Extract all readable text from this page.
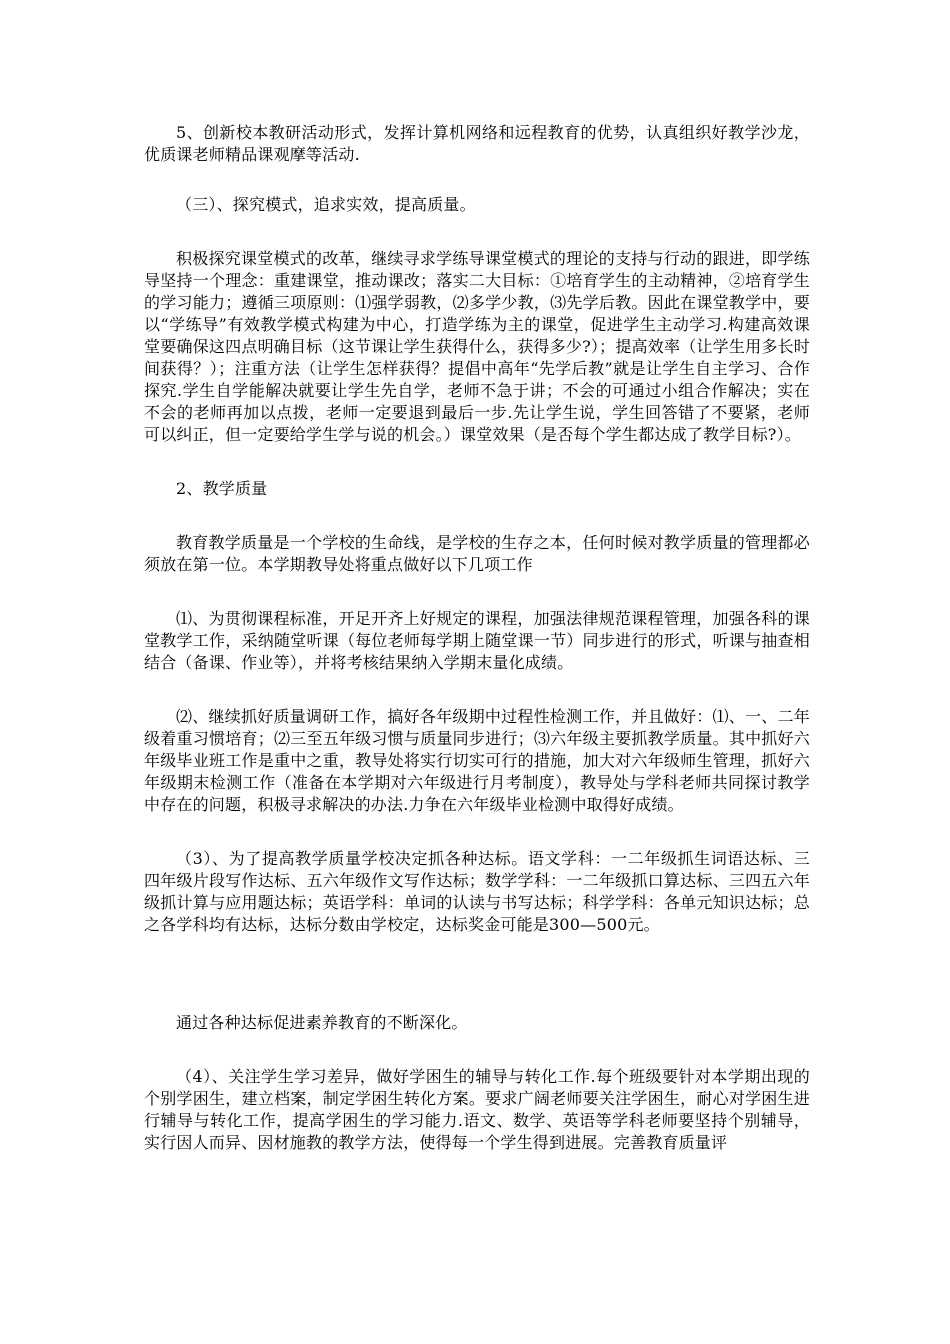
5、创新校本教研活动形式，发挥计算机网络和远程教育的优势，认真组织好教学沙龙，优质课老师精品课观摩等活动.

（三）、探究模式，追求实效，提高质量。

积极探究课堂模式的改革，继续寻求学练导课堂模式的理论的支持与行动的跟进，即学练导坚持一个理念：重建课堂，推动课改；落实二大目标：①培育学生的主动精神，②培育学生的学习能力；遵循三项原则：⑴强学弱教，⑵多学少教，⑶先学后教。因此在课堂教学中，要以“学练导”有效教学模式构建为中心，打造学练为主的课堂，促进学生主动学习.构建高效课堂要确保这四点明确目标（这节课让学生获得什么，获得多少?）；提高效率（让学生用多长时间获得？）；注重方法（让学生怎样获得？提倡中高年“先学后教”就是让学生自主学习、合作探究.学生自学能解决就要让学生先自学，老师不急于讲；不会的可通过小组合作解决；实在不会的老师再加以点拨，老师一定要退到最后一步.先让学生说，学生回答错了不要紧，老师可以纠正，但一定要给学生学与说的机会。）课堂效果（是否每个学生都达成了教学目标?）。

2、教学质量

教育教学质量是一个学校的生命线，是学校的生存之本，任何时候对教学质量的管理都必须放在第一位。本学期教导处将重点做好以下几项工作

⑴、为贯彻课程标准，开足开齐上好规定的课程，加强法律规范课程管理，加强各科的课堂教学工作，采纳随堂听课（每位老师每学期上随堂课一节）同步进行的形式，听课与抽查相结合（备课、作业等），并将考核结果纳入学期末量化成绩。

⑵、继续抓好质量调研工作，搞好各年级期中过程性检测工作，并且做好：⑴、一、二年级着重习惯培育；⑵三至五年级习惯与质量同步进行；⑶六年级主要抓教学质量。其中抓好六年级毕业班工作是重中之重，教导处将实行切实可行的措施，加大对六年级师生管理，抓好六年级期末检测工作（准备在本学期对六年级进行月考制度），教导处与学科老师共同探讨教学中存在的问题，积极寻求解决的办法.力争在六年级毕业检测中取得好成绩。

（3）、为了提高教学质量学校决定抓各种达标。语文学科：一二年级抓生词语达标、三四年级片段写作达标、五六年级作文写作达标；数学学科：一二年级抓口算达标、三四五六年级抓计算与应用题达标；英语学科：单词的认读与书写达标；科学学科：各单元知识达标；总之各学科均有达标，达标分数由学校定，达标奖金可能是300—500元。

通过各种达标促进素养教育的不断深化。

（4）、关注学生学习差异，做好学困生的辅导与转化工作.每个班级要针对本学期出现的个别学困生，建立档案，制定学困生转化方案。要求广阔老师要关注学困生，耐心对学困生进行辅导与转化工作，提高学困生的学习能力.语文、数学、英语等学科老师要坚持个别辅导，实行因人而异、因材施教的教学方法，使得每一个学生得到进展。完善教育质量评
